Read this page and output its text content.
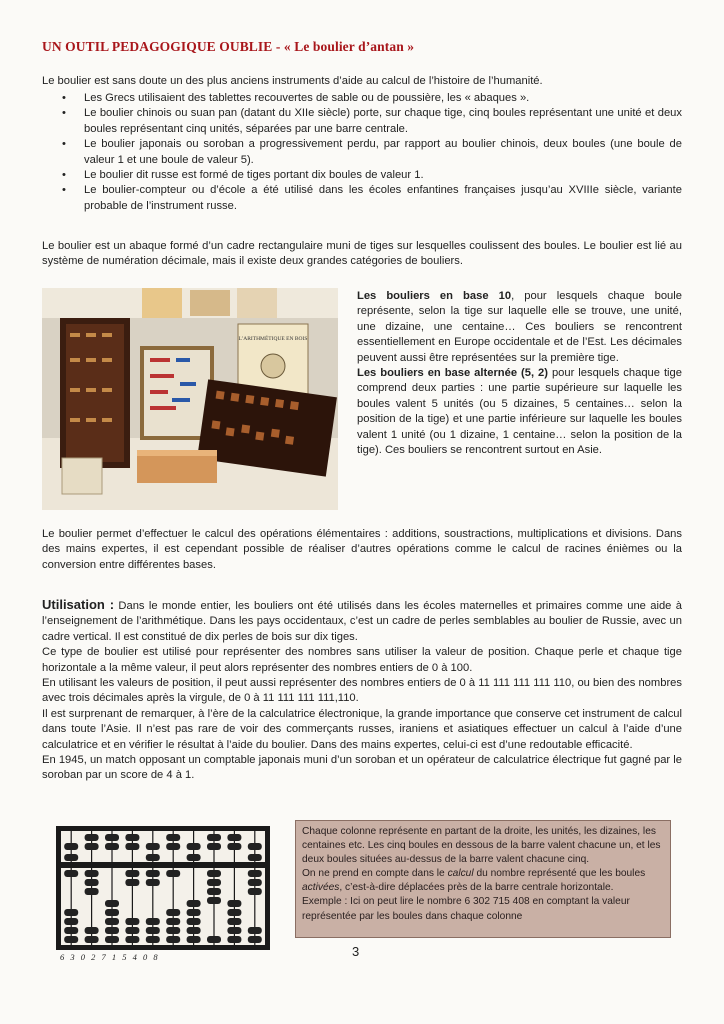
UN OUTIL PEDAGOGIQUE OUBLIE - « Le boulier d’antan »
Le boulier est sans doute un des plus anciens instruments d’aide au calcul de l’histoire de l’humanité.
• Les Grecs utilisaient des tablettes recouvertes de sable ou de poussière, les « abaques ».
• Le boulier chinois ou suan pan (datant du XIIe siècle) porte, sur chaque tige, cinq boules représentant une unité et deux boules représentant cinq unités, séparées par une barre centrale.
• Le boulier japonais ou soroban a progressivement perdu, par rapport au boulier chinois, deux boules (une boule de valeur 1 et une boule de valeur 5).
• Le boulier dit russe est formé de tiges portant dix boules de valeur 1.
• Le boulier-compteur ou d’école a été utilisé dans les écoles enfantines françaises jusqu’au XVIIIe siècle, variante probable de l’instrument russe.
Le boulier est un abaque formé d’un cadre rectangulaire muni de tiges sur lesquelles coulissent des boules. Le boulier est lié au système de numération décimale, mais il existe deux grandes catégories de bouliers.
L’ARITHMÉTIQUE EN BOIS
Les bouliers en base 10, pour lesquels chaque boule représente, selon la tige sur laquelle elle se trouve, une unité, une dizaine, une centaine… Ces bouliers se rencontrent essentiellement en Europe occidentale et de l’Est. Les décimales peuvent aussi être représentées sur la première tige.
Les bouliers en base alternée (5, 2) pour lesquels chaque tige comprend deux parties : une partie supérieure sur laquelle les boules valent 5 unités (ou 5 dizaines, 5 centaines… selon la position de la tige) et une partie inférieure sur laquelle les boules valent 1 unité (ou 1 dizaine, 1 centaine… selon la position de la tige). Ces bouliers se rencontrent surtout en Asie.
Le boulier permet d’effectuer le calcul des opérations élémentaires : additions, soustractions, multiplications et divisions. Dans des mains expertes, il est cependant possible de réaliser d’autres opérations comme le calcul de racines énièmes ou la conversion entre différentes bases.
Utilisation : Dans le monde entier, les bouliers ont été utilisés dans les écoles maternelles et primaires comme une aide à l’enseignement de l’arithmétique. Dans les pays occidentaux, c’est un cadre de perles semblables au boulier de Russie, avec un cadre vertical. Il est constitué de dix perles de bois sur dix tiges.
Ce type de boulier est utilisé pour représenter des nombres sans utiliser la valeur de position. Chaque perle et chaque tige horizontale a la même valeur, il peut alors représenter des nombres entiers de 0 à 100.
En utilisant les valeurs de position, il peut aussi représenter des nombres entiers de 0 à 11 111 111 111 110, ou bien des nombres avec trois décimales après la virgule, de 0 à 11 111 111 111,110.
Il est surprenant de remarquer, à l’ère de la calculatrice électronique, la grande importance que conserve cet instrument de calcul dans toute l’Asie. Il n’est pas rare de voir des commerçants russes, iraniens et asiatiques effectuer un calcul à l’aide d’une calculatrice et en vérifier le résultat à l’aide du boulier. Dans des mains expertes, celui-ci est d’une redoutable efficacité.
En 1945, un match opposant un comptable japonais muni d’un soroban et un opérateur de calculatrice électrique fut gagné par le soroban par un score de 4 à 1.
6 3 0 2 7 1 5 4 0 8
Chaque colonne représente en partant de la droite, les unités, les dizaines, les centaines etc. Les cinq boules en dessous de la barre valent chacune un, et les deux boules situées au-dessus de la barre valent chacune cinq.
On ne prend en compte dans le calcul du nombre représenté que les boules activées, c’est-à-dire déplacées près de la barre centrale horizontale.
Exemple : Ici on peut lire le nombre 6 302 715 408 en comptant la valeur représentée par les boules dans chaque colonne
3
